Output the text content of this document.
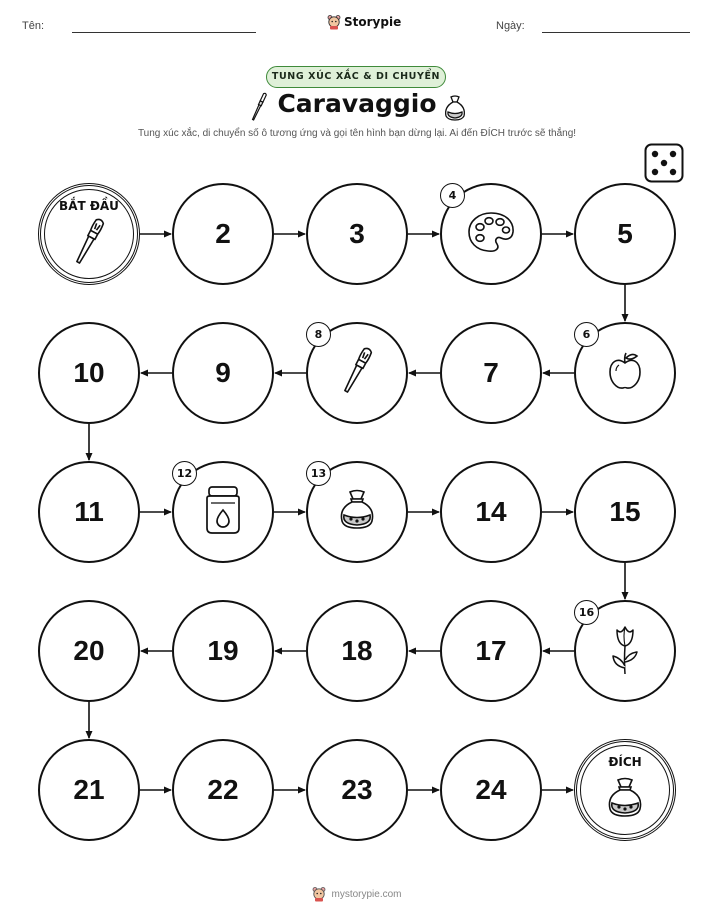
Tên:	Storypie	Ngày:
TUNG XÚC XẮC & DI CHUYỂN
Caravaggio
Tung xúc xắc, di chuyển số ô tương ứng và gọi tên hình bạn dừng lại. Ai đến ĐÍCH trước sẽ thắng!
BẮT ĐẦU
2	3
4
5
6
7
8
9
10
11
12	13
14	15
16
17
18
19
20
21	22	23	24
ĐÍCH
mystorypie.com
